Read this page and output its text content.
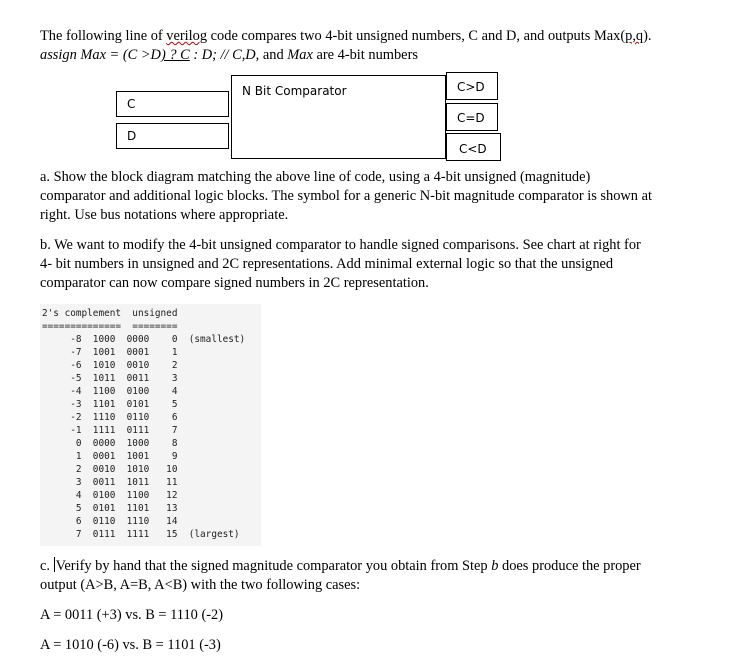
The following line of verilog code compares two 4-bit unsigned numbers, C and D, and outputs Max(p,q).
assign Max = (C >D) ? C : D; // C,D, and Max are 4-bit numbers
C
D
N Bit Comparator	C>D
C=D
C<D
a. Show the block diagram matching the above line of code, using a 4-bit unsigned (magnitude)
comparator and additional logic blocks. The symbol for a generic N-bit magnitude comparator is shown at
right. Use bus notations where appropriate.
b. We want to modify the 4-bit unsigned comparator to handle signed comparisons. See chart at right for
4- bit numbers in unsigned and 2C representations. Add minimal external logic so that the unsigned
comparator can now compare signed numbers in 2C representation.
2's complement  unsigned
==============  ========
-8  1000  0000    0  (smallest)
-7  1001  0001    1
-6  1010  0010    2
-5  1011  0011    3
-4  1100  0100    4
-3  1101  0101    5
-2  1110  0110    6
-1  1111  0111    7
0  0000  1000    8
1  0001  1001    9
2  0010  1010   10
3  0011  1011   11
4  0100  1100   12
5  0101  1101   13
6  0110  1110   14
7  0111  1111   15  (largest)
c. Verify by hand that the signed magnitude comparator you obtain from Step b does produce the proper
output (A>B, A=B, A<B) with the two following cases:
A = 0011 (+3) vs. B = 1110 (-2)
A = 1010 (-6) vs. B = 1101 (-3)
